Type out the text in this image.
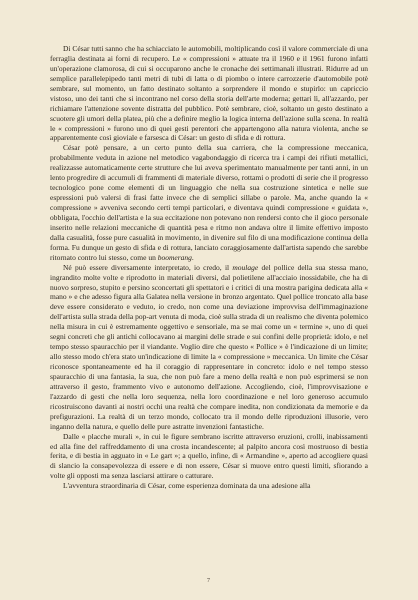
Di César tutti sanno che ha schiacciato le automobili, moltiplicando così il valore commerciale di una ferraglia destinata ai forni di recupero. Le « compressioni » attuate tra il 1960 e il 1961 furono infatti un'operazione clamorosa, di cui si occuparono anche le cronache dei settimanali illustrati. Ridurre ad un semplice parallelepipedo tanti metri di tubi di latta o di piombo o intere carrozzerie d'automobile potè sembrare, sul momento, un fatto destinato soltanto a sorprendere il mondo e stupirlo: un capriccio vistoso, uno dei tanti che si incontrano nel corso della storia dell'arte moderna; gettari lì, all'azzardo, per richiamare l'attenzione sovente distratta del pubblico. Potè sembrare, cioè, soltanto un gesto destinato a scuotere gli umori della platea, più che a definire meglio la logica interna dell'azione sulla scena. In realtà le « compressioni » furono uno di quei gesti perentori che appartengono alla natura violenta, anche se apparentemente così gioviale e farsesca di César: un gesto di sfida e di rottura.

César potè pensare, a un certo punto della sua carriera, che la compressione meccanica, probabilmente veduta in azione nel metodico vagabondaggio di ricerca tra i campi dei rifiuti metallici, realizzasse automaticamente certe strutture che lui aveva sperimentato manualmente per tanti anni, in un lento progredire di accumuli di frammenti di materiale diverso, rottami o prodotti di serie che il progresso tecnologico pone come elementi di un linguaggio che nella sua costruzione sintetica e nelle sue espressioni può valersi di frasi fatte invece che di semplici sillabe o parole. Ma, anche quando la « compressione » avveniva secondo certi tempi particolari, e diventava quindi compressione « guidata », obbligata, l'occhio dell'artista e la sua eccitazione non potevano non rendersi conto che il gioco personale inserito nelle relazioni meccaniche di quantità pesa e ritmo non andava oltre il limite effettivo imposto dalla casualità, fosse pure casualità in movimento, in divenire sul filo di una modificazione continua della forma. Fu dunque un gesto di sfida e di rottura, lanciato coraggiosamente dall'artista sapendo che sarebbe ritornato contro lui stesso, come un boomerang.

Né può essere diversamente interpretato, io credo, il moulage del pollice della sua stessa mano, ingrandito molte volte e riprodotto in materiali diversi, dal polietilene all'acciaio inossidabile, che ha di nuovo sorpreso, stupito e persino sconcertati gli spettatori e i critici di una mostra parigina dedicata alla « mano » e che adesso figura alla Galatea nella versione in bronzo argentato. Quel pollice troncato alla base deve essere considerato e veduto, io credo, non come una deviazione improvvisa dell'immaginazione dell'artista sulla strada della pop-art venuta di moda, cioè sulla strada di un realismo che diventa polemico nella misura in cui è estremamente oggettivo e sensoriale, ma se mai come un « termine », uno di quei segni concreti che gli antichi collocavano ai margini delle strade e sui confini delle proprietà: idolo, e nel tempo stesso spauracchio per il viandante. Voglio dire che questo « Pollice » è l'indicazione di un limite; allo stesso modo ch'era stato un'indicazione di limite la « compressione » meccanica. Un limite che César riconosce spontaneamente ed ha il coraggio di rappresentare in concreto: idolo e nel tempo stesso spauracchio di una fantasia, la sua, che non può fare a meno della realtà e non può esprimersi se non attraverso il gesto, frammento vivo e autonomo dell'azione. Accogliendo, cioè, l'improvvisazione e l'azzardo di gesti che nella loro sequenza, nella loro coordinazione e nel loro generoso accumulo ricostruiscono davanti ai nostri occhi una realtà che compare inedita, non condizionata da memorie e da prefigurazioni. La realtà di un terzo mondo, collocato tra il mondo delle riproduzioni illusorie, vero inganno della natura, e quello delle pure astratte invenzioni fantastiche.

Dalle « placche murali », in cui le figure sembrano iscritte attraverso eruzioni, crolli, inabissamenti ed alla fine del raffreddamento di una crosta incandescente; al palpito ancora così mostruoso di bestia ferita, e di bestia in agguato in « Le gart »; a quello, infine, di « Armandine », aperto ad accogliere quasi di slancio la consapevolezza di essere e di non essere, César si muove entro questi limiti, sfiorando a volte gli opposti ma senza lasciarsi attirare o catturare.

L'avventura straordinaria di César, come esperienza dominata da una adesione alla

7
